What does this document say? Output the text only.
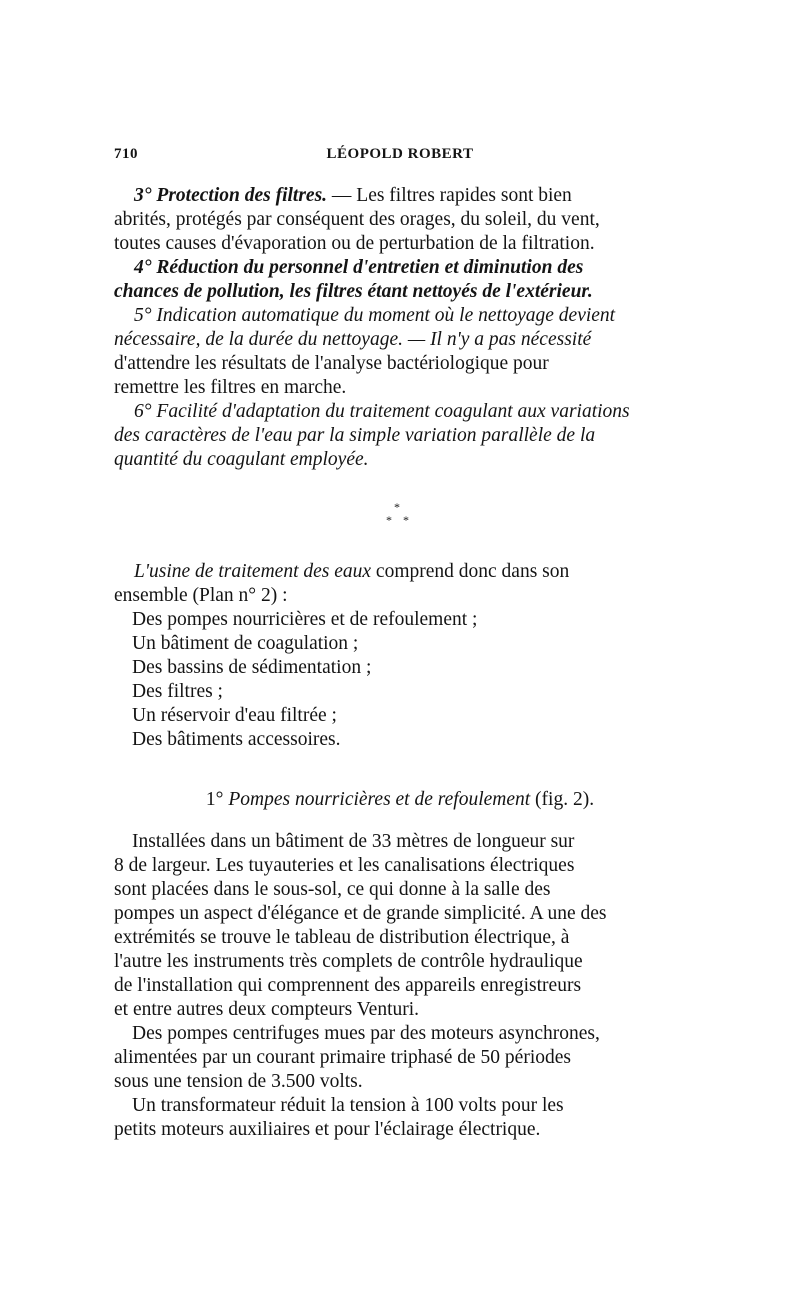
710	LÉOPOLD ROBERT
3° Protection des filtres. — Les filtres rapides sont bien
abrités, protégés par conséquent des orages, du soleil, du vent,
toutes causes d'évaporation ou de perturbation de la filtration.
4° Réduction du personnel d'entretien et diminution des
chances de pollution, les filtres étant nettoyés de l'extérieur.
5° Indication automatique du moment où le nettoyage devient
nécessaire, de la durée du nettoyage. — Il n'y a pas nécessité
d'attendre les résultats de l'analyse bactériologique pour
remettre les filtres en marche.
6° Facilité d'adaptation du traitement coagulant aux variations
des caractères de l'eau par la simple variation parallèle de la
quantité du coagulant employée.
*
* *
L'usine de traitement des eaux comprend donc dans son
ensemble (Plan n° 2) :
Des pompes nourricières et de refoulement ;
Un bâtiment de coagulation ;
Des bassins de sédimentation ;
Des filtres ;
Un réservoir d'eau filtrée ;
Des bâtiments accessoires.
1° Pompes nourricières et de refoulement (fig. 2).
Installées dans un bâtiment de 33 mètres de longueur sur
8 de largeur. Les tuyauteries et les canalisations électriques
sont placées dans le sous-sol, ce qui donne à la salle des
pompes un aspect d'élégance et de grande simplicité. A une des
extrémités se trouve le tableau de distribution électrique, à
l'autre les instruments très complets de contrôle hydraulique
de l'installation qui comprennent des appareils enregistreurs
et entre autres deux compteurs Venturi.
Des pompes centrifuges mues par des moteurs asynchrones,
alimentées par un courant primaire triphasé de 50 périodes
sous une tension de 3.500 volts.
Un transformateur réduit la tension à 100 volts pour les
petits moteurs auxiliaires et pour l'éclairage électrique.
